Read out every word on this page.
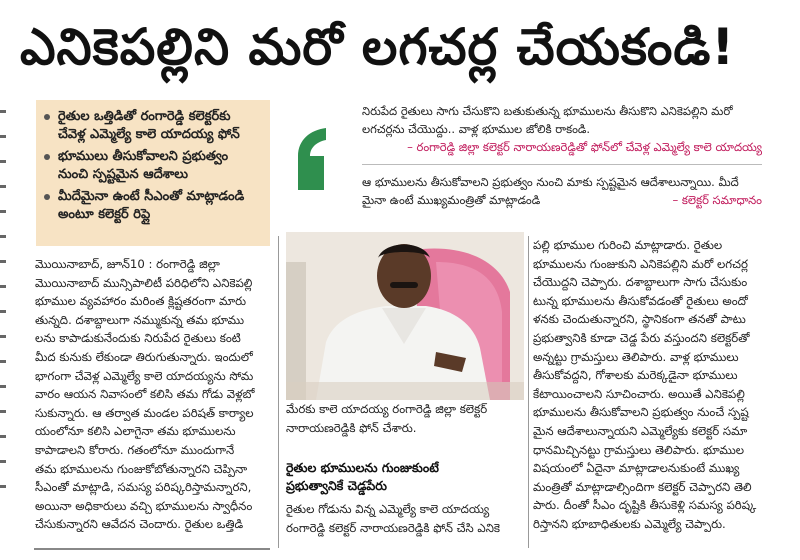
ఎనికెపల్లిని మరో లగచర్ల చేయకండి!
రైతుల ఒత్తిడితో రంగారెడ్డి కలెక్టర్‌కు చేవెళ్ల ఎమ్మెల్యే కాలె యాదయ్య ఫోన్
భూములు తీసుకోవాలని ప్రభుత్వం నుంచి స్పష్టమైన ఆదేశాలు
మీదేమైనా ఉంటే సీఎంతో మాట్లాడండి అంటూ కలెక్టర్ రిప్లై
నిరుపేద రైతులు సాగు చేసుకొని బతుకుతున్న భూములను తీసుకొని ఎనికెపల్లిని మరో
లగచర్లను చేయొద్దు.. వాళ్ల భూముల జోలికి రాకండి.
– రంగారెడ్డి జిల్లా కలెక్టర్ నారాయణరెడ్డితో ఫోన్‌లో చేవెళ్ల ఎమ్మెల్యే కాలె యాదయ్య
ఆ భూములను తీసుకోవాలని ప్రభుత్వం నుంచి మాకు స్పష్టమైన ఆదేశాలున్నాయి. మీదే
మైనా ఉంటే ముఖ్యమంత్రితో మాట్లాడండి	– కలెక్టర్ సమాధానం
మొయినాబాద్, జూన్10 : రంగారెడ్డి జిల్లా
మొయినాబాద్ మున్సిపాలిటీ పరిధిలోని ఎనికెపల్లి
భూముల వ్యవహారం మరింత క్లిష్టతరంగా మారు
తున్నది. దశాబ్దాలుగా నమ్ముకున్న తమ భూము
లను కాపాడుకునేందుకు నిరుపేద రైతులు కంటి
మీద కునుకు లేకుండా తిరుగుతున్నారు. ఇందులో
భాగంగా చేవెళ్ల ఎమ్మెల్యే కాలె యాదయ్యను సోమ
వారం ఆయన నివాసంలో కలిసి తమ గోడు వెళ్లబో
సుకున్నారు. ఆ తర్వాత మండల పరిషత్ కార్యాల
యంలోనూ కలిసి ఎలాగైనా తమ భూములను
కాపాడాలని కోరారు. గతంలోనూ ముందుగానే
తమ భూములను గుంజుకోబోతున్నారని చెప్పినా
సీఎంతో మాట్లాడి, సమస్య పరిష్కరిస్తామన్నారని,
అయినా అధికారులు వచ్చి భూములను స్వాధీనం
చేసుకున్నారని ఆవేదన చెందారు. రైతుల ఒత్తిడి
మేరకు కాలె యాదయ్య రంగారెడ్డి జిల్లా కలెక్టర్
నారాయణరెడ్డికి ఫోన్ చేశారు.
రైతుల భూములను గుంజుకుంటే
ప్రభుత్వానికే చెడ్డపేరు
రైతుల గోడును విన్న ఎమ్మెల్యే కాలె యాదయ్య
రంగారెడ్డి కలెక్టర్ నారాయణరెడ్డికి ఫోన్ చేసి ఎనికె
పల్లి భూముల గురించి మాట్లాడారు. రైతుల
భూములను గుంజుకుని ఎనికెపల్లిని మరో లగచర్ల
చేయొద్దని చెప్పారు. దశాబ్దాలుగా సాగు చేసుకుం
టున్న భూములను తీసుకోవడంతో రైతులు అందో
ళనకు చెందుతున్నారని, స్థానికంగా తనతో పాటు
ప్రభుత్వానికి కూడా చెడ్డ పేరు వస్తుందని కలెక్టర్‌తో
అన్నట్టు గ్రామస్తులు తెలిపారు. వాళ్ల భూములు
తీసుకోవద్దని, గోశాలకు మరెక్కడైనా భూములు
కేటాయించాలని సూచించారు. అయితే ఎనికెపల్లి
భూములను తీసుకోవాలని ప్రభుత్వం నుంచే స్పష్ట
మైన ఆదేశాలున్నాయని ఎమ్మెల్యేకు కలెక్టర్ సమా
ధానమిచ్చినట్టు గ్రామస్తులు తెలిపారు. భూముల
విషయంలో ఏదైనా మాట్లాడాలనుకుంటే ముఖ్య
మంత్రితో మాట్లాడాల్సిందిగా కలెక్టర్ చెప్పారని తెలి
పారు. దీంతో సీఎం దృష్టికి తీసుకెళ్లి సమస్య పరిష్క
రిస్తానని భూబాధితులకు ఎమ్మెల్యే చెప్పారు.
